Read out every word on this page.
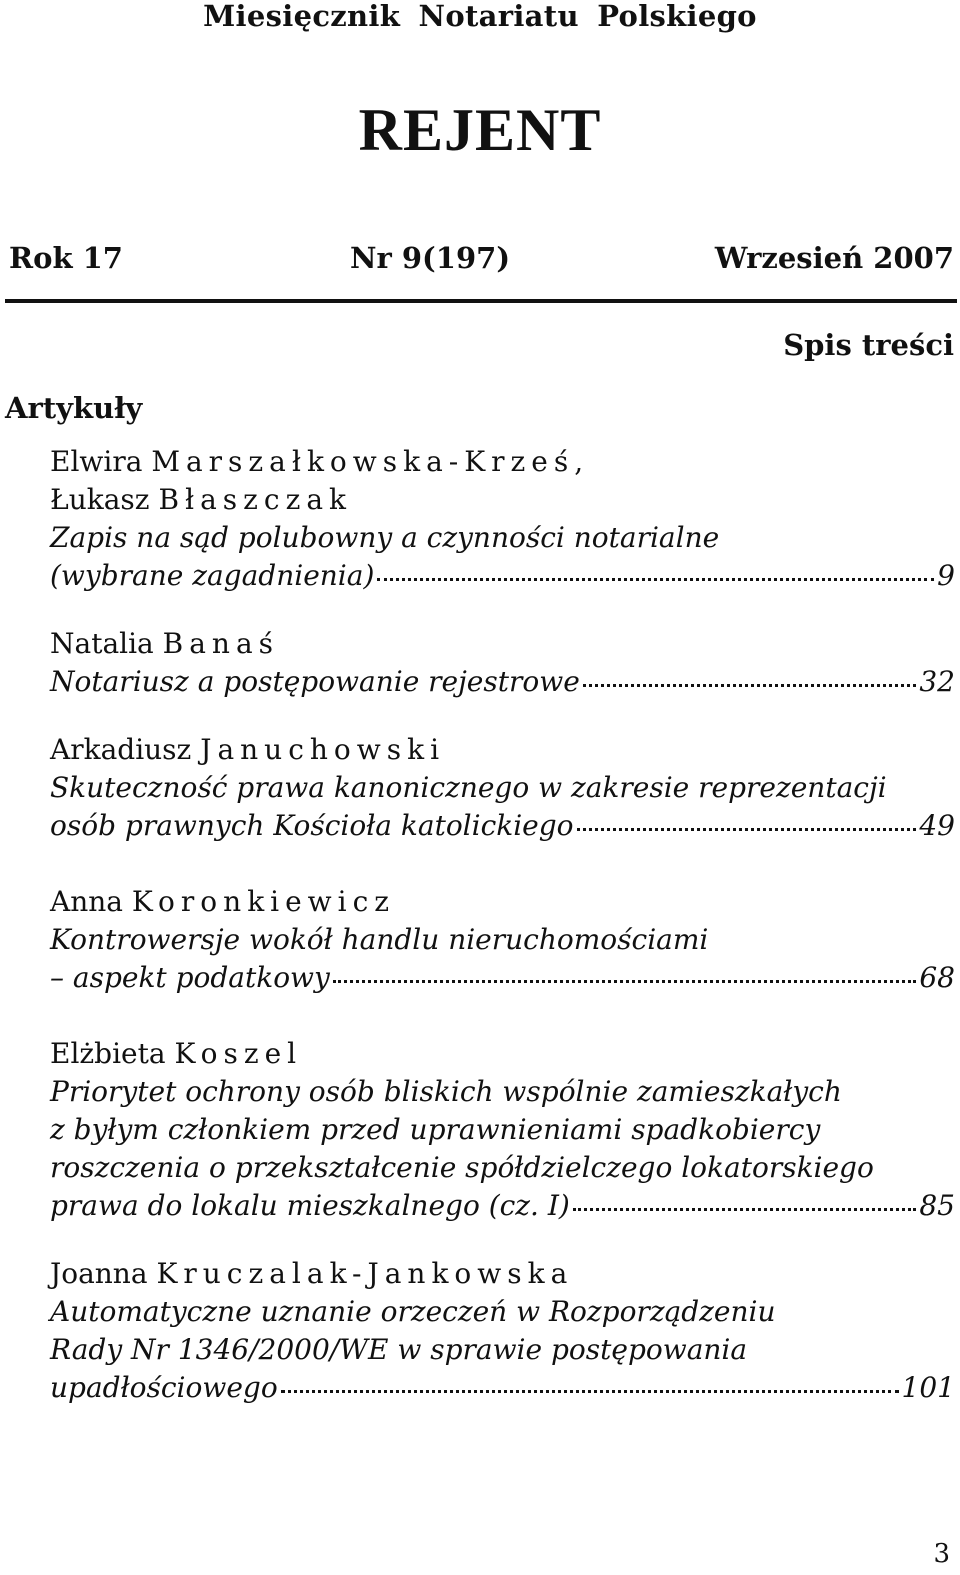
Miesięcznik Notariatu Polskiego
REJENT
Rok 17	Nr 9(197)	Wrzesień 2007
Spis treści
Artykuły
Elwira Marszałkowska-Krześ,
Łukasz Błaszczak
Zapis na sąd polubowny a czynności notarialne
(wybrane zagadnienia)	9
Natalia Banaś
Notariusz a postępowanie rejestrowe	32
Arkadiusz Januchowski
Skuteczność prawa kanonicznego w zakresie reprezentacji
osób prawnych Kościoła katolickiego	49
Anna Koronkiewicz
Kontrowersje wokół handlu nieruchomościami
– aspekt podatkowy	68
Elżbieta Koszel
Priorytet ochrony osób bliskich wspólnie zamieszkałych
z byłym członkiem przed uprawnieniami spadkobiercy
roszczenia o przekształcenie spółdzielczego lokatorskiego
prawa do lokalu mieszkalnego (cz. I)	85
Joanna Kruczalak-Jankowska
Automatyczne uznanie orzeczeń w Rozporządzeniu
Rady Nr 1346/2000/WE w sprawie postępowania
upadłościowego	101
3
